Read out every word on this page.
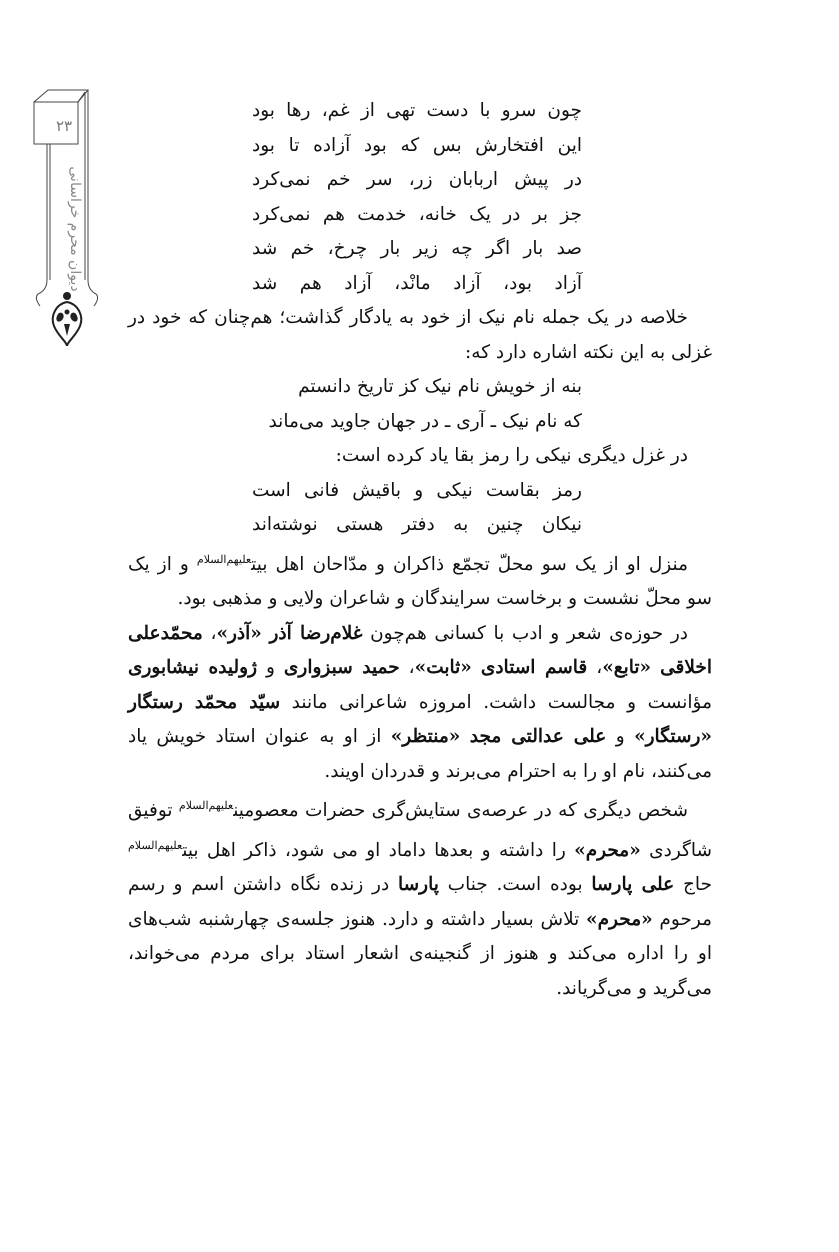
۲۳
دیوان محرم خراسانی
چون سرو با دست تهی از غم، رها بود
این افتخارش بس که بود آزاده تا بود
در پیش اربابان زر، سر خم نمی‌کرد
جز بر در یک خانه، خدمت هم نمی‌کرد
صد بار اگر چه زیر بار چرخ، خم شد
آزاد بود، آزاد مانْد، آزاد هم شد

خلاصه در یک جمله نام نیک از خود به یادگار گذاشت؛ هم‌چنان که خود در غزلی به این نکته اشاره دارد که:

بنه از خویش نام نیک کز تاریخ دانستم
که نام نیک ـ آری ـ در جهان جاوید می‌ماند

در غزل دیگری نیکی را رمز بقا یاد کرده است:

رمز بقاست نیکی و باقیش فانی است
نیکان چنین به دفتر هستی نوشته‌اند

منزل او از یک سو محلّ تجمّع ذاکران و مدّاحان اهل بیت$^{علیهم‌السلام}$ و از یک سو محلّ نشست و برخاست سرایندگان و شاعران ولایی و مذهبی بود.

در حوزه‌ی شعر و ادب با کسانی هم‌چون غلام‌رضا آذر «آذر»، محمّدعلی اخلاقی «تابع»، قاسم استادی «ثابت»، حمید سبزواری و ژولیده نیشابوری مؤانست و مجالست داشت. امروزه شاعرانی مانند سیّد محمّد رستگار «رستگار» و علی عدالتی مجد «منتظر» از او به عنوان استاد خویش یاد می‌کنند، نام او را به احترام می‌برند و قدردان اویند.

شخص دیگری که در عرصه‌ی ستایش‌گری حضرات معصومین$^{علیهم‌السلام}$ توفیق شاگردی «محرم» را داشته و بعدها داماد او می شود، ذاکر اهل بیت$^{علیهم‌السلام}$ حاج علی پارسا بوده است. جناب پارسا در زنده نگاه داشتن اسم و رسم مرحوم «محرم» تلاش بسیار داشته و دارد. هنوز جلسه‌ی چهارشنبه شب‌های او را اداره می‌کند و هنوز از گنجینه‌ی اشعار استاد برای مردم می‌خواند، می‌گرید و می‌گریاند.
